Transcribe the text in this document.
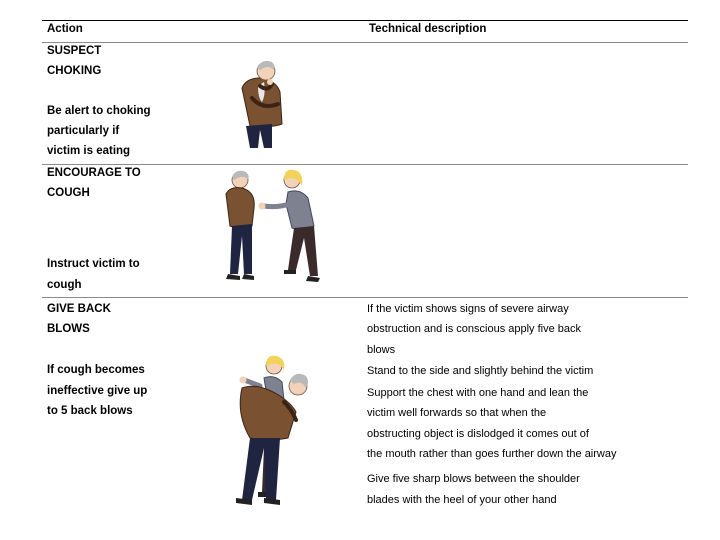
Action	Technical description
SUSPECT
CHOKING
Be alert to choking
particularly if
victim is eating
ENCOURAGE TO
COUGH
Instruct victim to
cough
GIVE BACK
BLOWS
If cough becomes
ineffective give up
to 5 back blows
If the victim shows signs of severe airway
obstruction and is conscious apply five back
blows
Stand to the side and slightly behind the victim
Support the chest with one hand and lean the
victim well forwards so that when the
obstructing object is dislodged it comes out of
the mouth rather than goes further down the airway
Give five sharp blows between the shoulder
blades with the heel of your other hand
